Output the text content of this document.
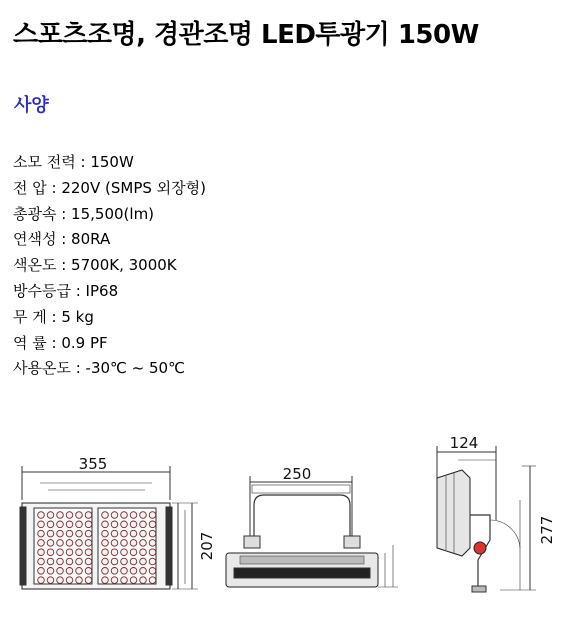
스포츠조명, 경관조명 LED투광기 150W
사양
소모 전력 : 150W
전 압 : 220V (SMPS 외장형)
총광속 : 15,500(lm)
연색성 : 80RA
색온도 : 5700K, 3000K
방수등급 : IP68
무 게 : 5 kg
역 률 : 0.9 PF
사용온도 : -30℃ ~ 50℃
355
207
250
124
277
